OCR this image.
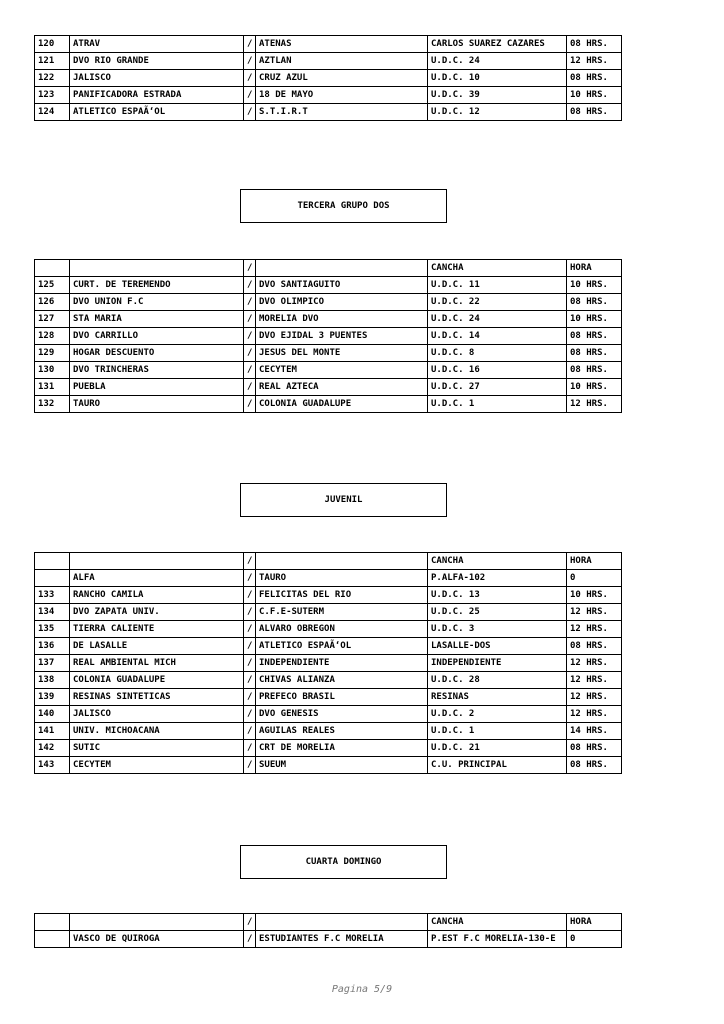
120	ATRAV	/	ATENAS	CARLOS SUAREZ CAZARES	08 HRS.
121	DVO RIO GRANDE	/	AZTLAN	U.D.C. 24	12 HRS.
122	JALISCO	/	CRUZ AZUL	U.D.C. 10	08 HRS.
123	PANIFICADORA ESTRADA	/	18 DE MAYO	U.D.C. 39	10 HRS.
124	ATLETICO ESPAÃ‘OL	/	S.T.I.R.T	U.D.C. 12	08 HRS.
TERCERA GRUPO DOS
		/		CANCHA	HORA
125	CURT. DE TEREMENDO	/	DVO SANTIAGUITO	U.D.C. 11	10 HRS.
126	DVO UNION F.C	/	DVO OLIMPICO	U.D.C. 22	08 HRS.
127	STA MARIA	/	MORELIA DVO	U.D.C. 24	10 HRS.
128	DVO CARRILLO	/	DVO EJIDAL 3 PUENTES	U.D.C. 14	08 HRS.
129	HOGAR DESCUENTO	/	JESUS DEL MONTE	U.D.C. 8	08 HRS.
130	DVO TRINCHERAS	/	CECYTEM	U.D.C. 16	08 HRS.
131	PUEBLA	/	REAL AZTECA	U.D.C. 27	10 HRS.
132	TAURO	/	COLONIA GUADALUPE	U.D.C. 1	12 HRS.
JUVENIL
		/		CANCHA	HORA
	ALFA	/	TAURO	P.ALFA-102	0
133	RANCHO CAMILA	/	FELICITAS DEL RIO	U.D.C. 13	10 HRS.
134	DVO ZAPATA UNIV.	/	C.F.E-SUTERM	U.D.C. 25	12 HRS.
135	TIERRA CALIENTE	/	ALVARO OBREGON	U.D.C. 3	12 HRS.
136	DE LASALLE	/	ATLETICO ESPAÃ‘OL	LASALLE-DOS	08 HRS.
137	REAL AMBIENTAL MICH	/	INDEPENDIENTE	INDEPENDIENTE	12 HRS.
138	COLONIA GUADALUPE	/	CHIVAS ALIANZA	U.D.C. 28	12 HRS.
139	RESINAS SINTETICAS	/	PREFECO BRASIL	RESINAS	12 HRS.
140	JALISCO	/	DVO GENESIS	U.D.C. 2	12 HRS.
141	UNIV. MICHOACANA	/	AGUILAS REALES	U.D.C. 1	14 HRS.
142	SUTIC	/	CRT DE MORELIA	U.D.C. 21	08 HRS.
143	CECYTEM	/	SUEUM	C.U. PRINCIPAL	08 HRS.
CUARTA DOMINGO
		/		CANCHA	HORA
	VASCO DE QUIROGA	/	ESTUDIANTES F.C MORELIA	P.EST F.C MORELIA-130-E	0
Pagina 5/9
